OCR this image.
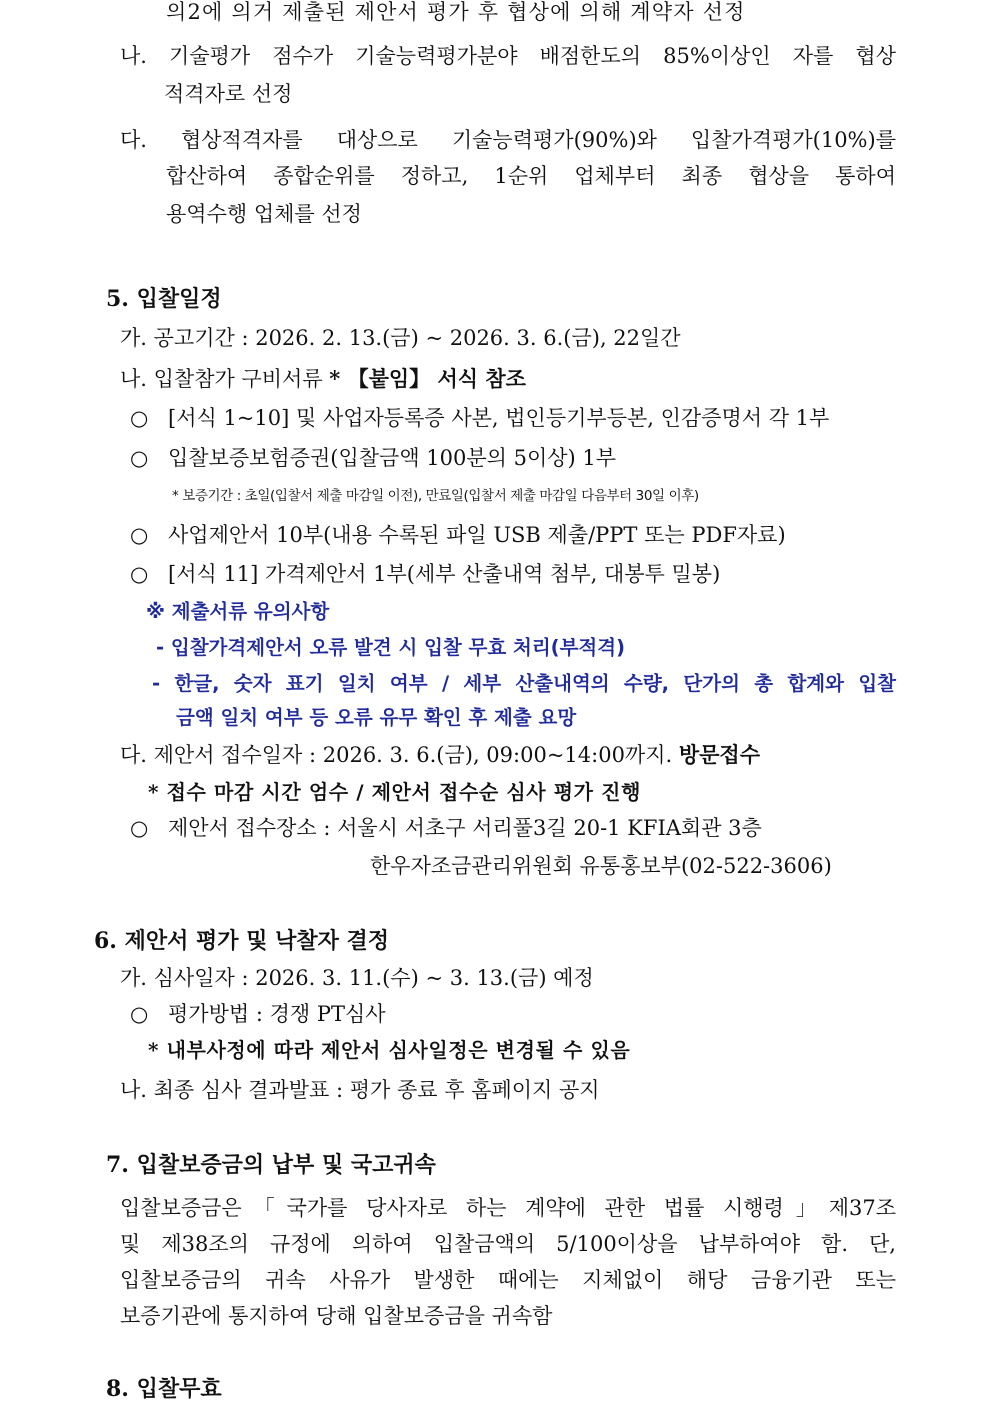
의2에 의거 제출된 제안서 평가 후 협상에 의해 계약자 선정
나. 기술평가 점수가 기술능력평가분야 배점한도의 85%이상인 자를 협상
적격자로 선정
다. 협상적격자를 대상으로 기술능력평가(90%)와 입찰가격평가(10%)를
합산하여 종합순위를 정하고, 1순위 업체부터 최종 협상을 통하여
용역수행 업체를 선정
5. 입찰일정
가. 공고기간 : 2026. 2. 13.(금) ~ 2026. 3. 6.(금), 22일간
나. 입찰참가 구비서류 * 【붙임】 서식 참조
○ [서식 1~10] 및 사업자등록증 사본, 법인등기부등본, 인감증명서 각 1부
○ 입찰보증보험증권(입찰금액 100분의 5이상) 1부
* 보증기간 : 초일(입찰서 제출 마감일 이전), 만료일(입찰서 제출 마감일 다음부터 30일 이후)
○ 사업제안서 10부(내용 수록된 파일 USB 제출/PPT 또는 PDF자료)
○ [서식 11] 가격제안서 1부(세부 산출내역 첨부, 대봉투 밀봉)
※ 제출서류 유의사항
- 입찰가격제안서 오류 발견 시 입찰 무효 처리(부적격)
- 한글, 숫자 표기 일치 여부 / 세부 산출내역의 수량, 단가의 총 합계와 입찰
금액 일치 여부 등 오류 유무 확인 후 제출 요망
다. 제안서 접수일자 : 2026. 3. 6.(금), 09:00~14:00까지. 방문접수
* 접수 마감 시간 엄수 / 제안서 접수순 심사 평가 진행
○ 제안서 접수장소 : 서울시 서초구 서리풀3길 20-1 KFIA회관 3층
한우자조금관리위원회 유통홍보부(02-522-3606)
6. 제안서 평가 및 낙찰자 결정
가. 심사일자 : 2026. 3. 11.(수) ~ 3. 13.(금) 예정
○ 평가방법 : 경쟁 PT심사
* 내부사정에 따라 제안서 심사일정은 변경될 수 있음
나. 최종 심사 결과발표 : 평가 종료 후 홈페이지 공지
7. 입찰보증금의 납부 및 국고귀속
입찰보증금은「국가를 당사자로 하는 계약에 관한 법률 시행령」제37조
및 제38조의 규정에 의하여 입찰금액의 5/100이상을 납부하여야 함. 단,
입찰보증금의 귀속 사유가 발생한 때에는 지체없이 해당 금융기관 또는
보증기관에 통지하여 당해 입찰보증금을 귀속함
8. 입찰무효
